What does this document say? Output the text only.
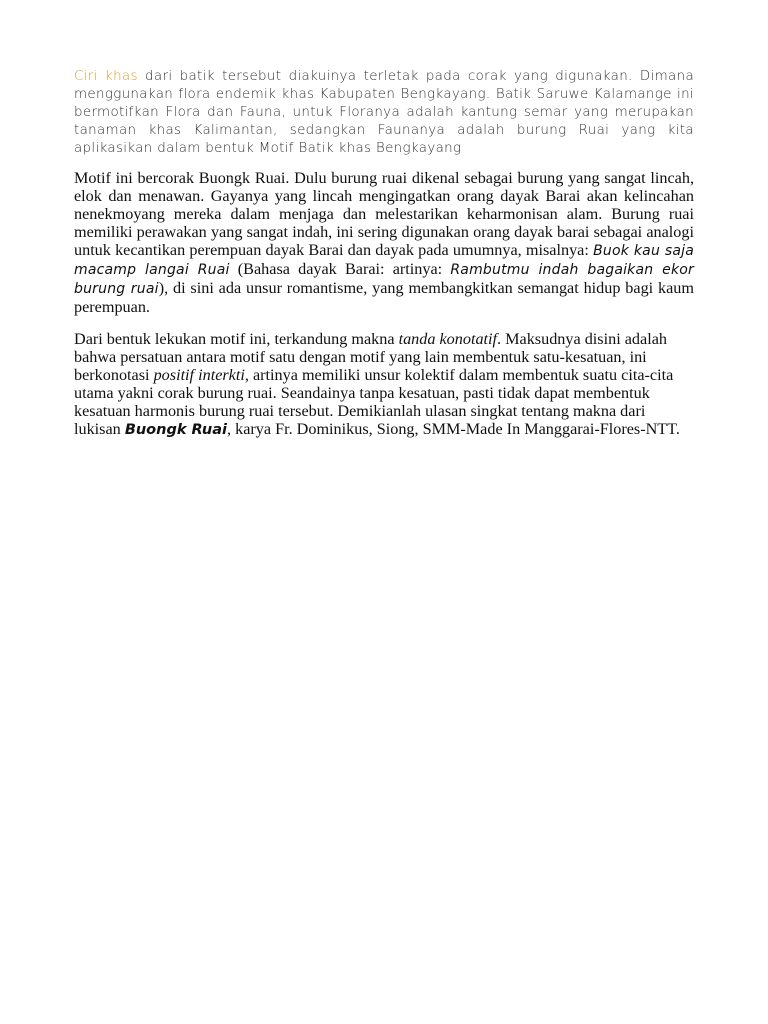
Ciri khas dari batik tersebut diakuinya terletak pada corak yang digunakan. Dimana menggunakan flora endemik khas Kabupaten Bengkayang. Batik Saruwe Kalamange ini bermotifkan Flora dan Fauna, untuk Floranya adalah kantung semar yang merupakan tanaman khas Kalimantan, sedangkan Faunanya adalah burung Ruai yang kita aplikasikan dalam bentuk Motif Batik khas Bengkayang

Motif ini bercorak Buongk Ruai. Dulu burung ruai dikenal sebagai burung yang sangat lincah, elok dan menawan. Gayanya yang lincah mengingatkan orang dayak Barai akan kelincahan nenekmoyang mereka dalam menjaga dan melestarikan keharmonisan alam. Burung ruai memiliki perawakan yang sangat indah, ini sering digunakan orang dayak barai sebagai analogi untuk kecantikan perempuan dayak Barai dan dayak pada umumnya, misalnya: Buok kau saja macamp langai Ruai (Bahasa dayak Barai: artinya: Rambutmu indah bagaikan ekor burung ruai), di sini ada unsur romantisme, yang membangkitkan semangat hidup bagi kaum perempuan.

Dari bentuk lekukan motif ini, terkandung makna tanda konotatif. Maksudnya disini adalah bahwa persatuan antara motif satu dengan motif yang lain membentuk satu-kesatuan, ini berkonotasi positif interkti, artinya memiliki unsur kolektif dalam membentuk suatu cita-cita utama yakni corak burung ruai. Seandainya tanpa kesatuan, pasti tidak dapat membentuk kesatuan harmonis burung ruai tersebut. Demikianlah ulasan singkat tentang makna dari lukisan Buongk Ruai, karya Fr. Dominikus, Siong, SMM-Made In Manggarai-Flores-NTT.
